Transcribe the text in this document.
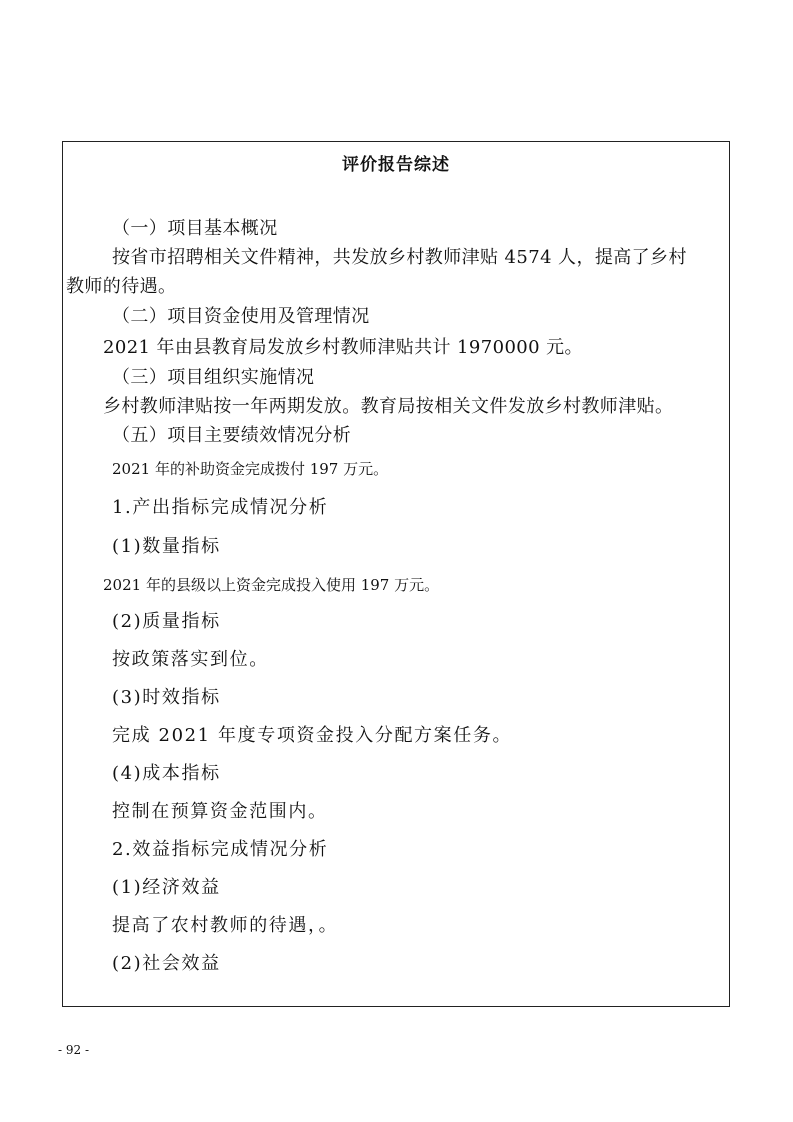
评价报告综述

（一）项目基本概况

按省市招聘相关文件精神，共发放乡村教师津贴 4574 人，提高了乡村

教师的待遇。

（二）项目资金使用及管理情况

2021 年由县教育局发放乡村教师津贴共计 1970000 元。

（三）项目组织实施情况

乡村教师津贴按一年两期发放。教育局按相关文件发放乡村教师津贴。

（五）项目主要绩效情况分析

2021 年的补助资金完成拨付 197 万元。

1.产出指标完成情况分析

(1)数量指标

2021 年的县级以上资金完成投入使用 197 万元。

(2)质量指标

按政策落实到位。

(3)时效指标

完成 2021 年度专项资金投入分配方案任务。

(4)成本指标

控制在预算资金范围内。

2.效益指标完成情况分析

(1)经济效益

提高了农村教师的待遇，。

(2)社会效益

- 92 -
